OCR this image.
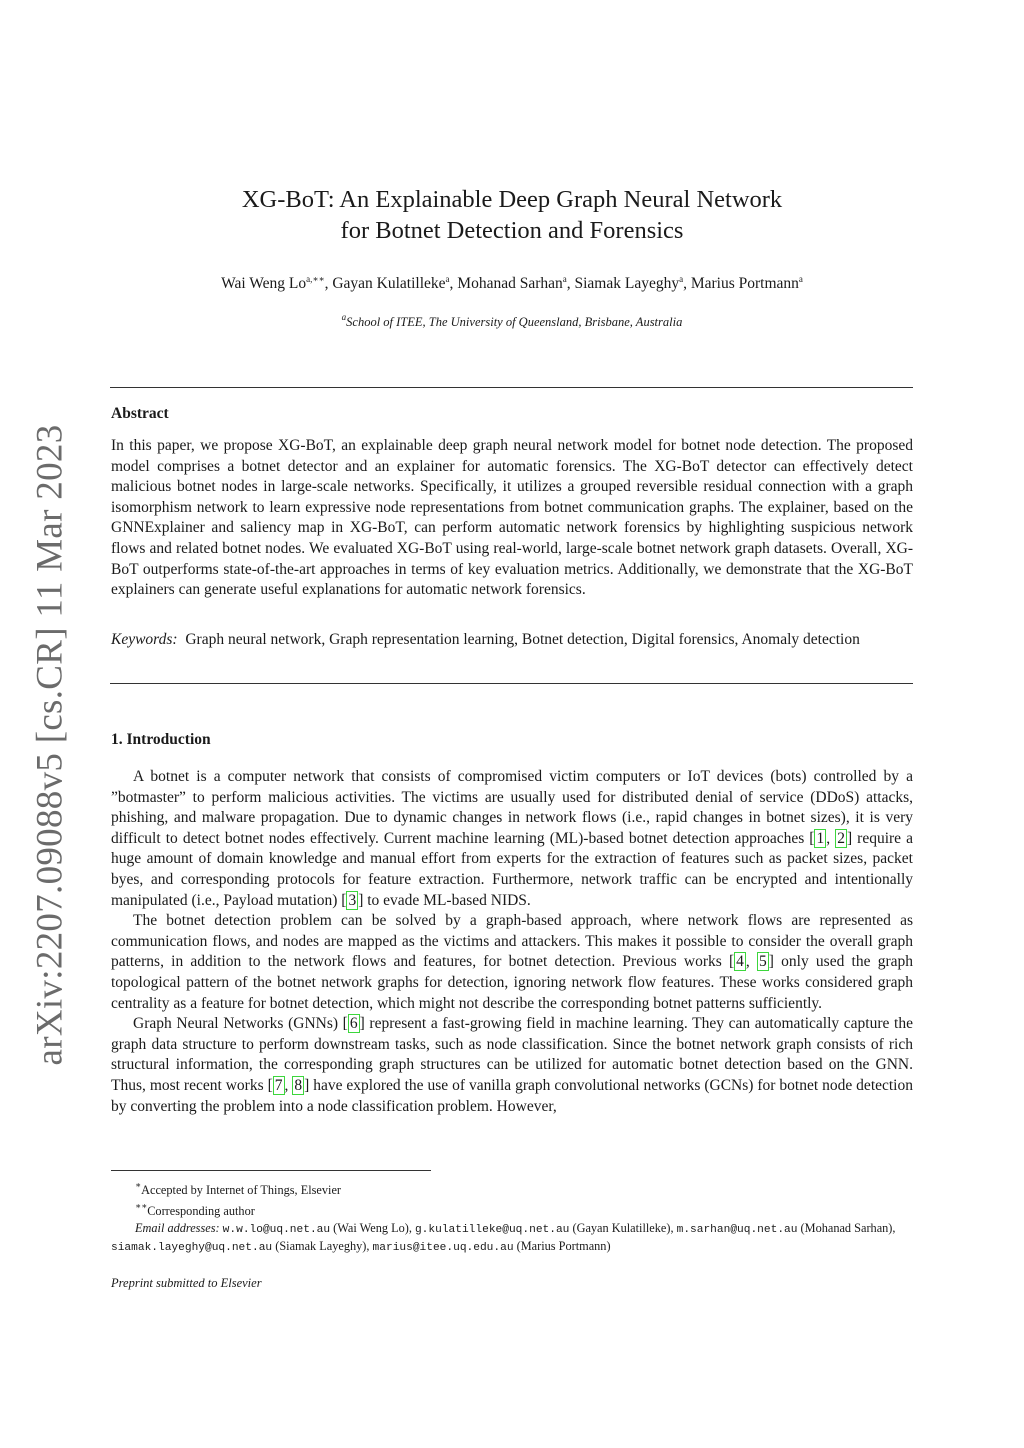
arXiv:2207.09088v5 [cs.CR] 11 Mar 2023
XG-BoT: An Explainable Deep Graph Neural Network
for Botnet Detection and Forensics
Wai Weng $Lo^{a,∗∗}$, Gayan Kulatilleke$^a$, Mohanad Sarhan$^a$, Siamak Layeghy$^a$, Marius Portmann$^a$
$^a$School of ITEE, The University of Queensland, Brisbane, Australia
Abstract

In this paper, we propose XG-BoT, an explainable deep graph neural network model for botnet node detection. The proposed model comprises a botnet detector and an explainer for automatic forensics. The XG-BoT detector can effectively detect malicious botnet nodes in large-scale networks. Specifically, it utilizes a grouped reversible residual connection with a graph isomorphism network to learn expressive node representations from botnet communication graphs. The explainer, based on the GNNExplainer and saliency map in XG-BoT, can perform automatic network forensics by highlighting suspicious network flows and related botnet nodes. We evaluated XG-BoT using real-world, large-scale botnet network graph datasets. Overall, XG-BoT outperforms state-of-the-art approaches in terms of key evaluation metrics. Additionally, we demonstrate that the XG-BoT explainers can generate useful explanations for automatic network forensics.

Keywords: Graph neural network, Graph representation learning, Botnet detection, Digital forensics, Anomaly detection

1. Introduction

A botnet is a computer network that consists of compromised victim computers or IoT devices (bots) controlled by a ”botmaster” to perform malicious activities. The victims are usually used for distributed denial of service (DDoS) attacks, phishing, and malware propagation. Due to dynamic changes in network flows (i.e., rapid changes in botnet sizes), it is very difficult to detect botnet nodes effectively. Current machine learning (ML)-based botnet detection approaches [ 1 , 2 ] require a huge amount of domain knowledge and manual effort from experts for the extraction of features such as packet sizes, packet byes, and corresponding protocols for feature extraction. Furthermore, network traffic can be encrypted and intentionally manipulated (i.e., Payload mutation) [ 3 ] to evade ML-based NIDS.

The botnet detection problem can be solved by a graph-based approach, where network flows are represented as communication flows, and nodes are mapped as the victims and attackers. This makes it possible to consider the overall graph patterns, in addition to the network flows and features, for botnet detection. Previous works [ 4 , 5 ] only used the graph topological pattern of the botnet network graphs for detection, ignoring network flow features. These works considered graph centrality as a feature for botnet detection, which might not describe the corresponding botnet patterns sufficiently.

Graph Neural Networks (GNNs) [ 6 ] represent a fast-growing field in machine learning. They can automatically capture the graph data structure to perform downstream tasks, such as node classification. Since the botnet network graph consists of rich structural information, the corresponding graph structures can be utilized for automatic botnet detection based on the GNN. Thus, most recent works [ 7 , 8 ] have explored the use of vanilla graph convolutional networks (GCNs) for botnet node detection by converting the problem into a node classification problem. However,

∗Accepted by Internet of Things, Elsevier

∗∗Corresponding author

Email addresses: w.w.lo@uq.net.au (Wai Weng Lo), g.kulatilleke@uq.net.au (Gayan Kulatilleke), m.sarhan@uq.net.au (Mohanad Sarhan), siamak.layeghy@uq.net.au (Siamak Layeghy), marius@itee.uq.edu.au (Marius Portmann)

Preprint submitted to Elsevier
